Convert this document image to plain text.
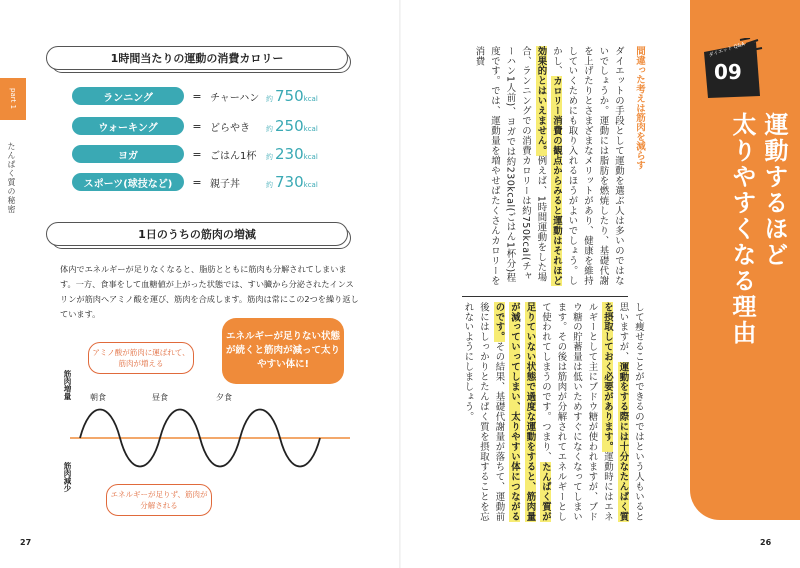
part 1
たんぱく質の秘密
1時間当たりの運動の消費カロリー
ランニング	= チャーハン 約 750kcal
ウォーキング	= どらやき	約 250kcal
ヨガ	= ごはん1杯	約 230kcal
スポーツ(球技など)	= 親子丼	約 730kcal
1日のうちの筋肉の増減
体内でエネルギーが足りなくなると、脂肪とともに筋肉も分解されてしまいます。一方、食事をして血糖値が上がった状態では、すい臓から分泌されたインスリンが筋肉へアミノ酸を運び、筋肉を合成します。筋肉は常にこの2つを繰り返しています。
エネルギーが足りない状態が続くと筋肉が減って太りやすい体に!
アミノ酸が筋肉に運ばれて、筋肉が増える
エネルギーが足りず、筋肉が分解される
筋肉増量
筋肉減少
朝食	昼食	夕食
27
間違った考えは筋肉を減らす
ダイエットの手段として運動を選ぶ人は多いのではないでしょうか。運動には脂肪を燃焼したり、基礎代謝を上げたりとさまざまなメリットがあり、健康を維持していくためにも取り入れるほうがよいでしょう。しかし、カロリー消費の観点からみると運動はそれほど効果的とはいえません。例えば、1時間運動をした場合、ランニングでの消費カロリーは約750kcal(チャーハン1人前)、ヨガでは約230kcal(ごはん1杯分)程度です。では、運動量を増やせばたくさんカロリーを消費
して痩せることができるのではという人もいると思いますが、運動をする際には十分なたんぱく質を摂取しておく必要があります。運動時にはエネルギーとして主にブドウ糖が使われますが、ブドウ糖の貯蓄量は低いためすぐになくなってしまいます。その後は筋肉が分解されてエネルギーとして使われてしまうのです。つまり、たんぱく質が足りていない状態で過度な運動をすると、筋肉量が減っていってしまい、太りやすい体につながるのです。その結果、基礎代謝量が落ちて、運動前後にはしっかりとたんぱく質を摂取することを忘れないようにしましょう。
ダイエット Q&A
09
運動するほど
太りやすくなる理由
26
